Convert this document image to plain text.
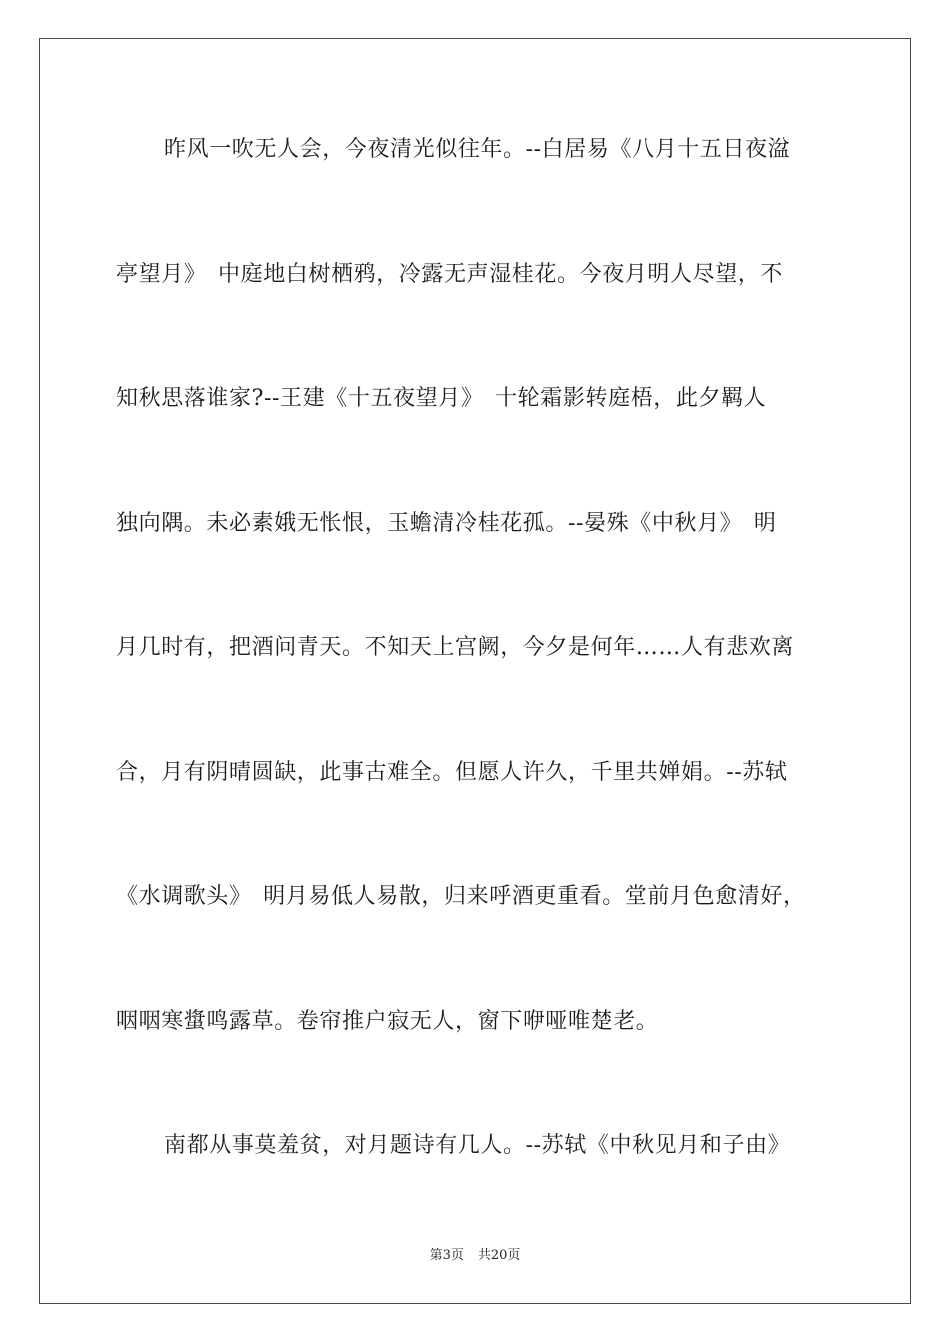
昨风一吹无人会，今夜清光似往年。--白居易《八月十五日夜湓
亭望月》　中庭地白树栖鸦，冷露无声湿桂花。今夜月明人尽望，不
知秋思落谁家?--王建《十五夜望月》　十轮霜影转庭梧，此夕羁人
独向隅。未必素娥无怅恨，玉蟾清冷桂花孤。--晏殊《中秋月》　明
月几时有，把酒问青天。不知天上宫阙，今夕是何年……人有悲欢离
合，月有阴晴圆缺，此事古难全。但愿人许久，千里共婵娟。--苏轼
《水调歌头》　明月易低人易散，归来呼酒更重看。堂前月色愈清好，
咽咽寒螀鸣露草。卷帘推户寂无人，窗下咿哑唯楚老。
南都从事莫羞贫，对月题诗有几人。--苏轼《中秋见月和子由》
第3页 共20页
